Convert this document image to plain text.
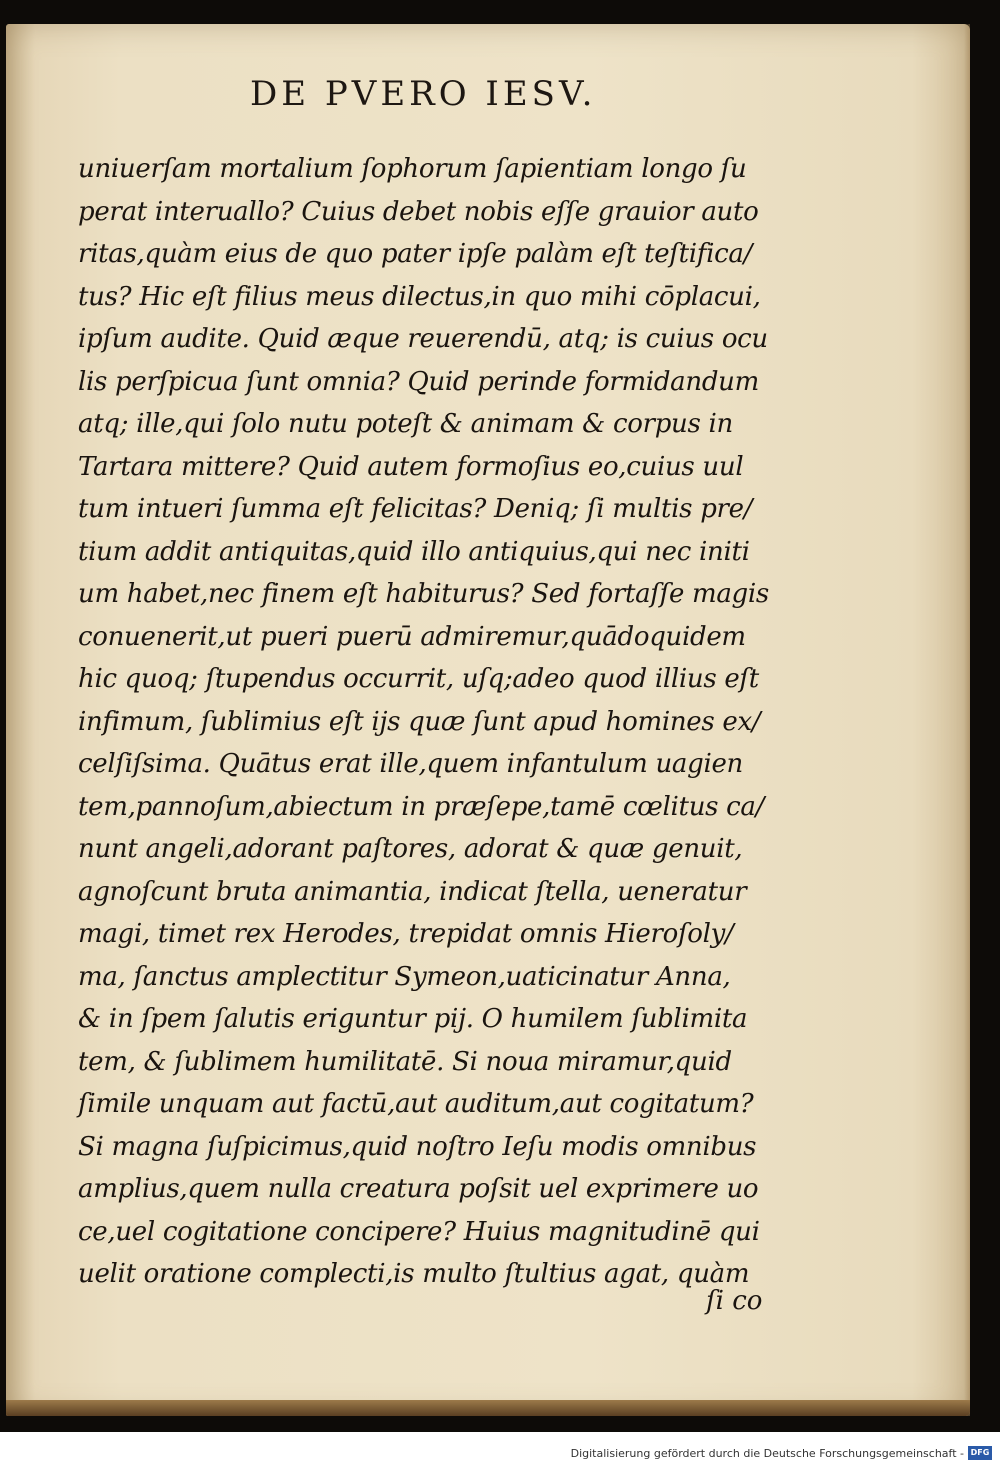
DE PVERO IESV.
uniuerſam mortalium ſophorum ſapientiam longo ſu
perat interuallo? Cuius debet nobis eſſe grauior auto
ritas,quàm eius de quo pater ipſe palàm eſt teſtifica/
tus? Hic eſt filius meus dilectus,in quo mihi cōplacui,
ipſum audite. Quid æque reuerendū, atq; is cuius ocu
lis perſpicua ſunt omnia? Quid perinde formidandum
atq; ille,qui ſolo nutu poteſt & animam & corpus in
Tartara mittere? Quid autem formoſius eo,cuius uul
tum intueri ſumma eſt felicitas? Deniq; ſi multis pre/
tium addit antiquitas,quid illo antiquius,qui nec initi
um habet,nec finem eſt habiturus? Sed fortaſſe magis
conuenerit,ut pueri puerū admiremur,quādoquidem
hic quoq; ſtupendus occurrit, uſq;adeo quod illius eſt
infimum, ſublimius eſt ijs quæ ſunt apud homines ex/
celſiſsima. Quātus erat ille,quem infantulum uagien
tem,pannoſum,abiectum in præſepe,tamē cœlitus ca/
nunt angeli,adorant paſtores, adorat & quæ genuit,
agnoſcunt bruta animantia, indicat ſtella, ueneratur
magi, timet rex Herodes, trepidat omnis Hieroſoly/
ma, ſanctus amplectitur Symeon,uaticinatur Anna,
& in ſpem ſalutis eriguntur pij. O humilem ſublimita
tem, & ſublimem humilitatē. Si noua miramur,quid
ſimile unquam aut factū,aut auditum,aut cogitatum?
Si magna ſuſpicimus,quid noſtro Ieſu modis omnibus
amplius,quem nulla creatura poſsit uel exprimere uo
ce,uel cogitatione concipere? Huius magnitudinē qui
uelit oratione complecti,is multo ſtultius agat, quàm
ſi co
Digitalisierung gefördert durch die Deutsche Forschungsgemeinschaft - DFG
